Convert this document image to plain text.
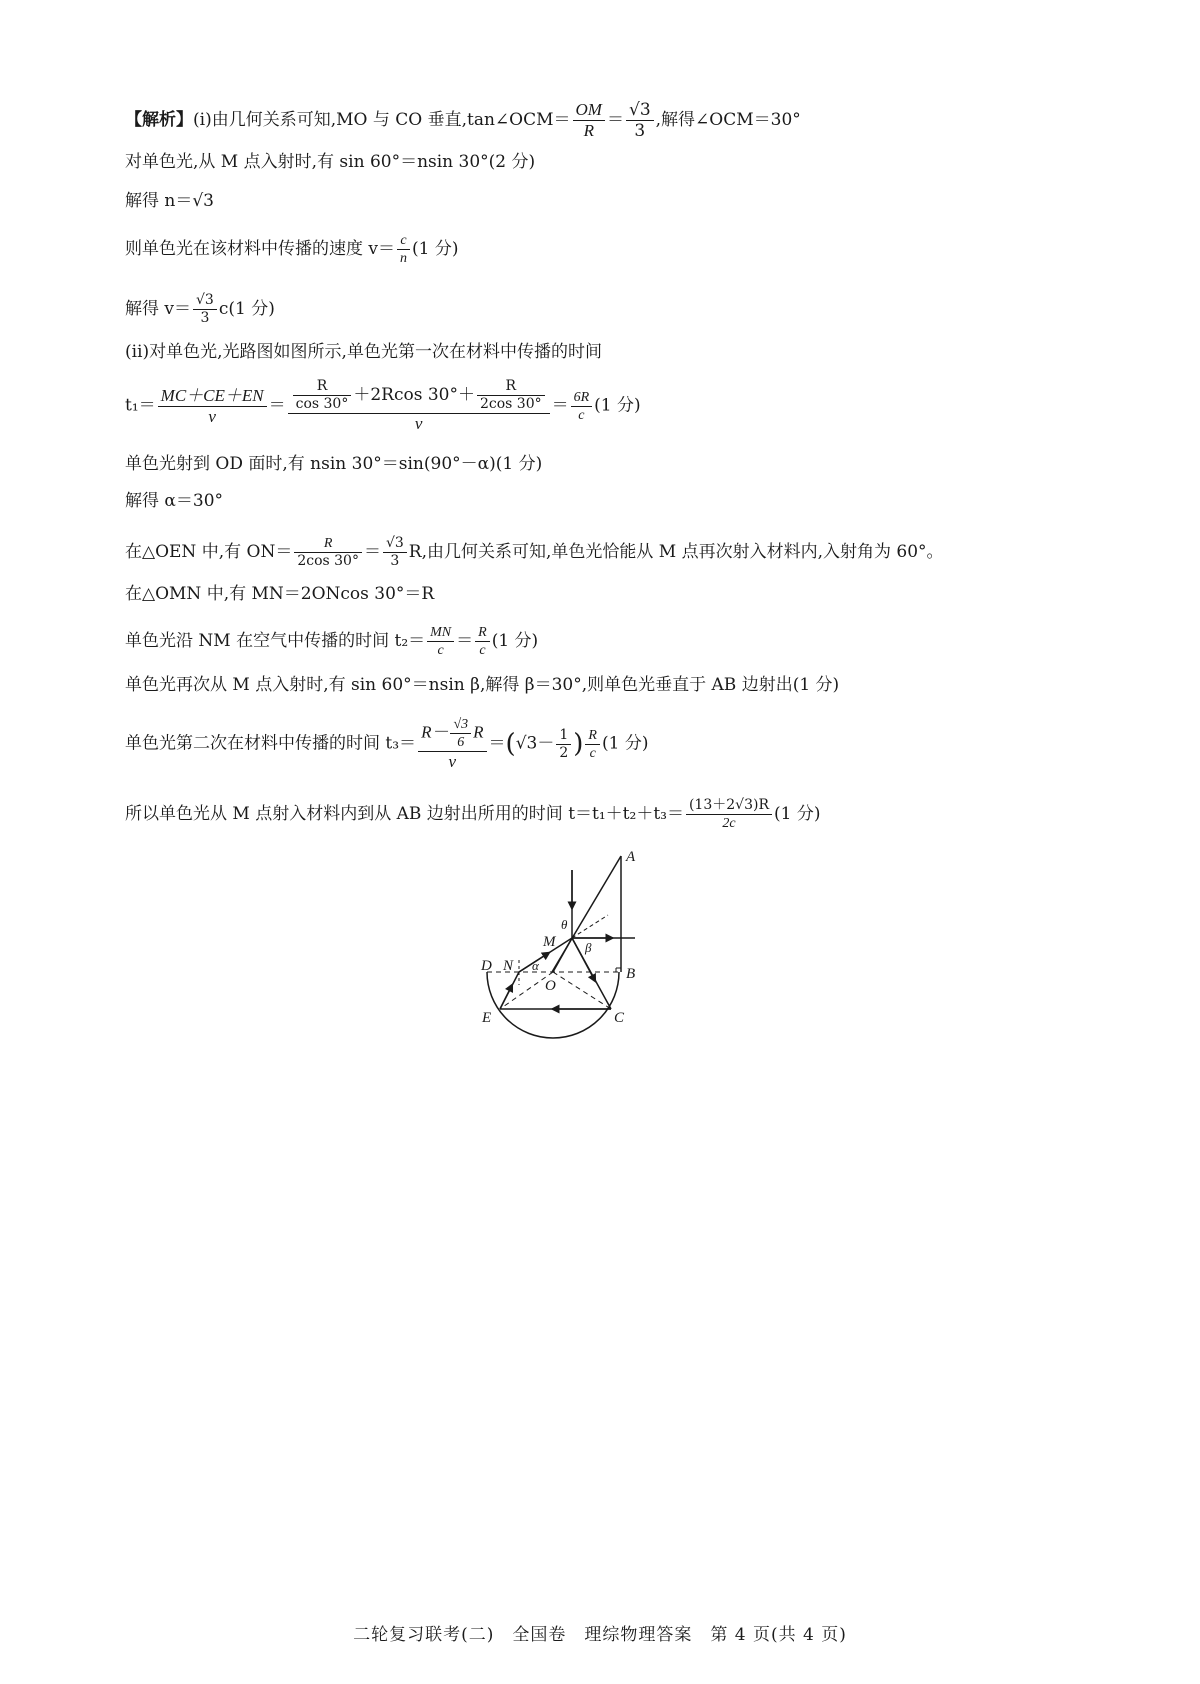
【解析】(ⅰ)由几何关系可知,MO 与 CO 垂直,tan∠OCM＝ $\frac{OM}{R} = \frac{√3}{3}$ ,解得∠OCM＝30°
对单色光,从 M 点入射时,有 sin 60°＝nsin 30°(2 分)
解得 n＝√3
则单色光在该材料中传播的速度 $v= \frac{c}{n} (1$ 分)
解得 $v= \frac{√3}{3} c(1$ 分)
(ⅱ)对单色光,光路图如图所示,单色光第一次在材料中传播的时间
$t_1= \frac{MC+CE+EN}{v} = \frac{\frac{R}{\cos 30^\circ} +2Rcos 30^\circ+ \frac{R}{2\cos 30^\circ}}{v} = \frac{6R}{c} (1$ 分)
单色光射到 OD 面时,有 nsin 30°＝sin(90°－α)(1 分)
解得 α＝30°
在△OEN 中,有 $ON= \frac{R}{2\cos 30^\circ} = \frac{√3}{3} R$,由几何关系可知,单色光恰能从 M 点再次射入材料内,入射角为 60°。
在△OMN 中,有 MN＝2ONcos 30°＝R
单色光沿 NM 在空气中传播的时间 $t_2= \frac{MN}{c} = \frac{R}{c} (1$ 分)
单色光再次从 M 点入射时,有 sin 60°＝nsin β,解得 β＝30°,则单色光垂直于 AB 边射出(1 分)
单色光第二次在材料中传播的时间 $t_3= \frac{R- \frac{√3}{6} R}{v} =(√3- \frac{1}{2}$ ) $\frac{R}{c} (1$ 分)
所以单色光从 M 点射入材料内到从 AB 边射出所用的时间 $t=t_1+t_2+t_3= \frac{(13+2√3)R}{2c} (1$ 分)
A
B
C
D
E
M
N
O
θ
β
α
二轮复习联考(二)　全国卷　理综物理答案　第 4 页(共 4 页)
